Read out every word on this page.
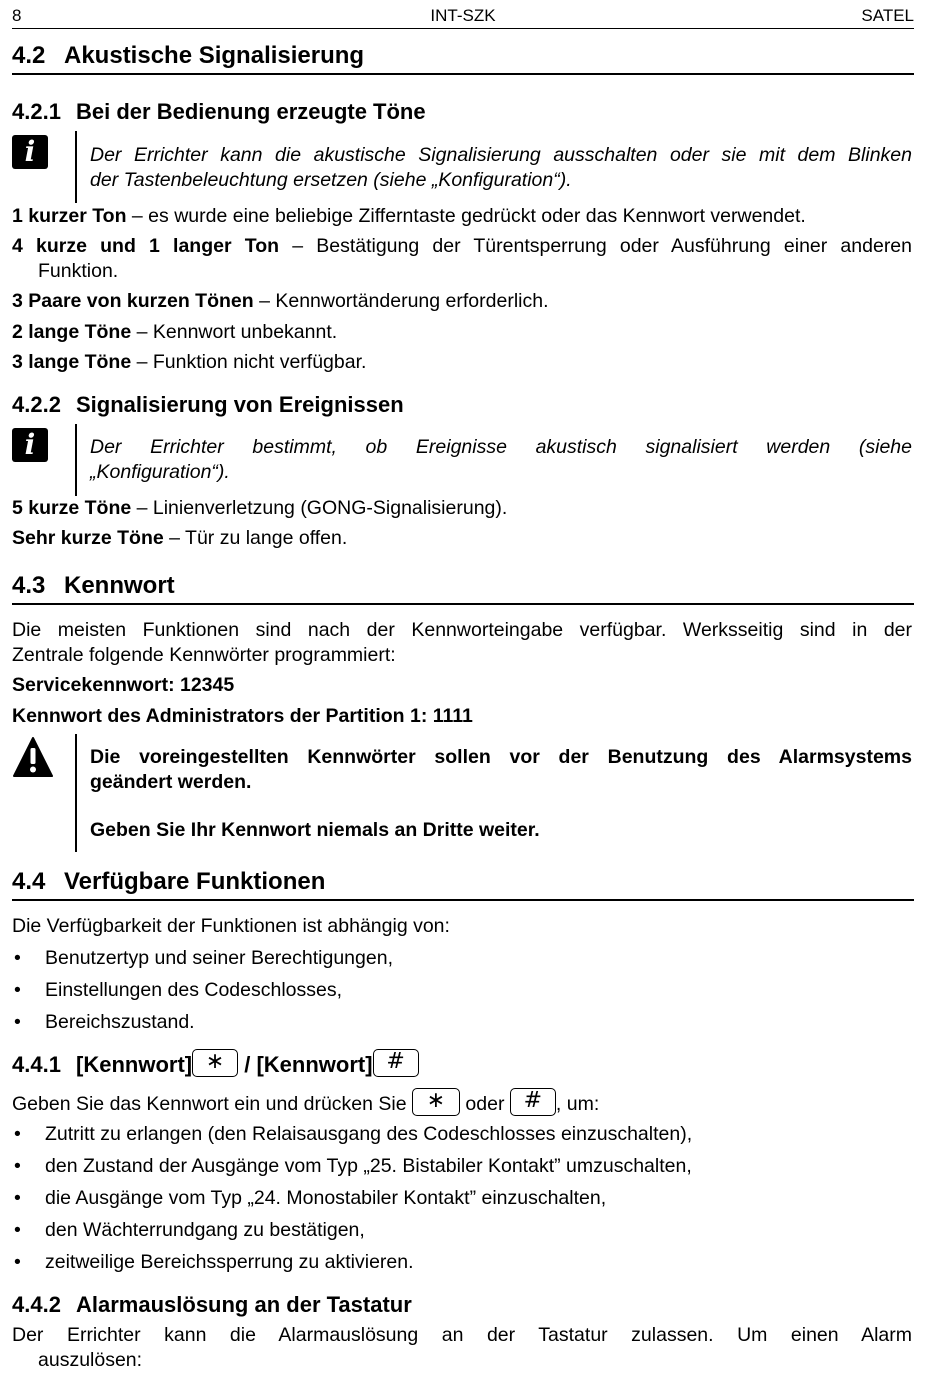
8	INT-SZK	SATEL
4.2 Akustische Signalisierung
4.2.1 Bei der Bedienung erzeugte Töne
i	Der Errichter kann die akustische Signalisierung ausschalten oder sie mit dem Blinken
der Tastenbeleuchtung ersetzen (siehe „Konfiguration“).
1 kurzer Ton – es wurde eine beliebige Zifferntaste gedrückt oder das Kennwort verwendet.
4 kurze und 1 langer Ton – Bestätigung der Türentsperrung oder Ausführung einer anderen
Funktion.
3 Paare von kurzen Tönen – Kennwortänderung erforderlich.
2 lange Töne – Kennwort unbekannt.
3 lange Töne – Funktion nicht verfügbar.
4.2.2 Signalisierung von Ereignissen
i	Der Errichter bestimmt, ob Ereignisse akustisch signalisiert werden (siehe
„Konfiguration“).
5 kurze Töne – Linienverletzung (GONG-Signalisierung).
Sehr kurze Töne – Tür zu lange offen.
4.3 Kennwort
Die meisten Funktionen sind nach der Kennworteingabe verfügbar. Werksseitig sind in der
Zentrale folgende Kennwörter programmiert:
Servicekennwort: 12345
Kennwort des Administrators der Partition 1: 1111
Die voreingestellten Kennwörter sollen vor der Benutzung des Alarmsystems
geändert werden.
Geben Sie Ihr Kennwort niemals an Dritte weiter.
4.4 Verfügbare Funktionen
Die Verfügbarkeit der Funktionen ist abhängig von:
• Benutzertyp und seiner Berechtigungen,
• Einstellungen des Codeschlosses,
• Bereichszustand.
4.4.1 [Kennwort] ∗ / [Kennwort] #
Geben Sie das Kennwort ein und drücken Sie ∗ oder # , um:
• Zutritt zu erlangen (den Relaisausgang des Codeschlosses einzuschalten),
• den Zustand der Ausgänge vom Typ „25. Bistabiler Kontakt” umzuschalten,
• die Ausgänge vom Typ „24. Monostabiler Kontakt” einzuschalten,
• den Wächterrundgang zu bestätigen,
• zeitweilige Bereichssperrung zu aktivieren.
4.4.2 Alarmauslösung an der Tastatur
Der Errichter kann die Alarmauslösung an der Tastatur zulassen. Um einen Alarm
auszulösen:
